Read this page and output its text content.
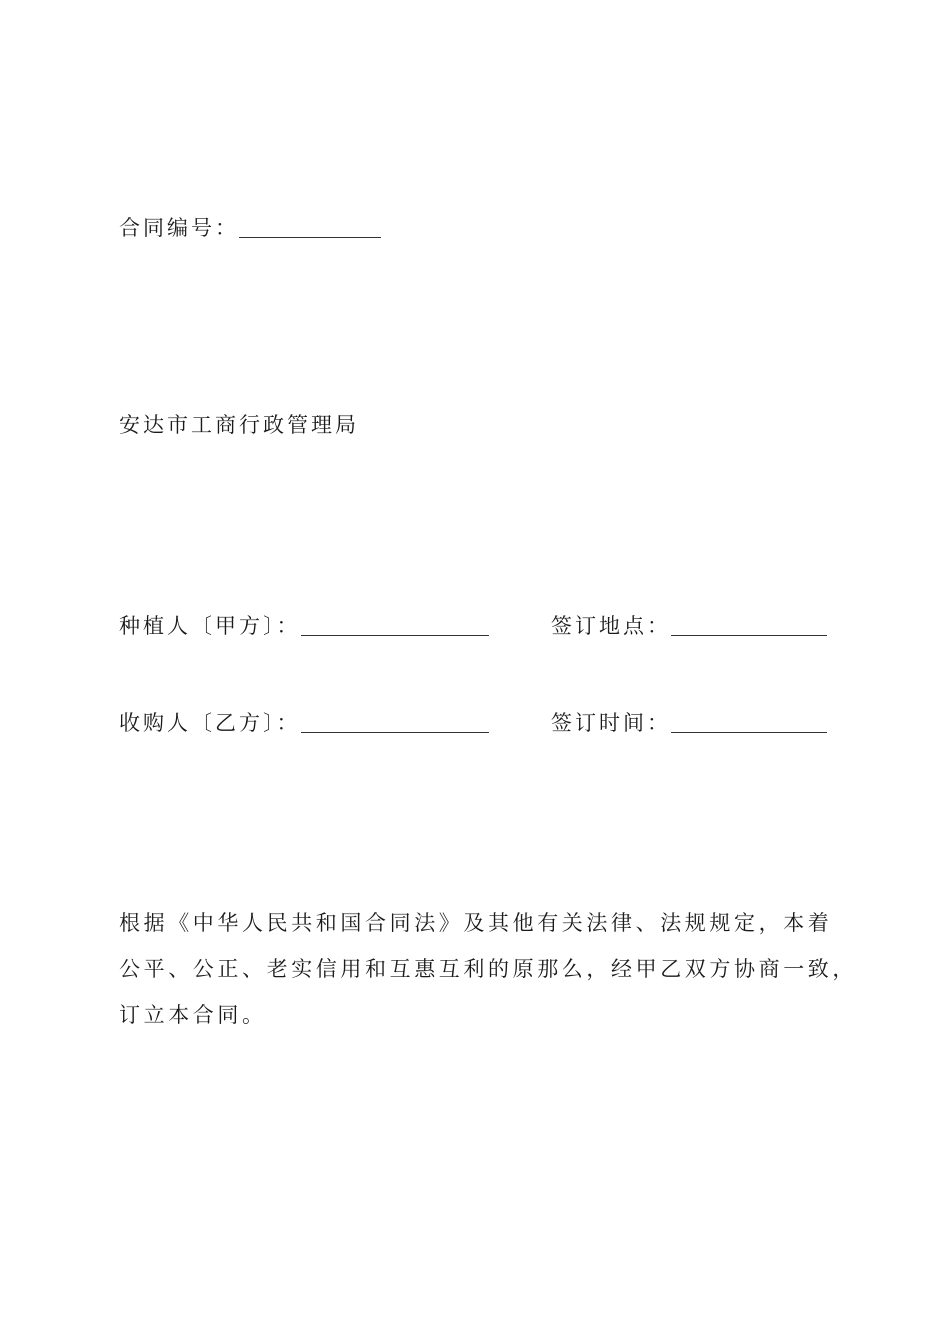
合同编号：
安达市工商行政管理局
种植人〔甲方〕：	签订地点：
收购人〔乙方〕：	签订时间：
根据《中华人民共和国合同法》及其他有关法律、法规规定，本着
公平、公正、老实信用和互惠互利的原那么，经甲乙双方协商一致，
订立本合同。
